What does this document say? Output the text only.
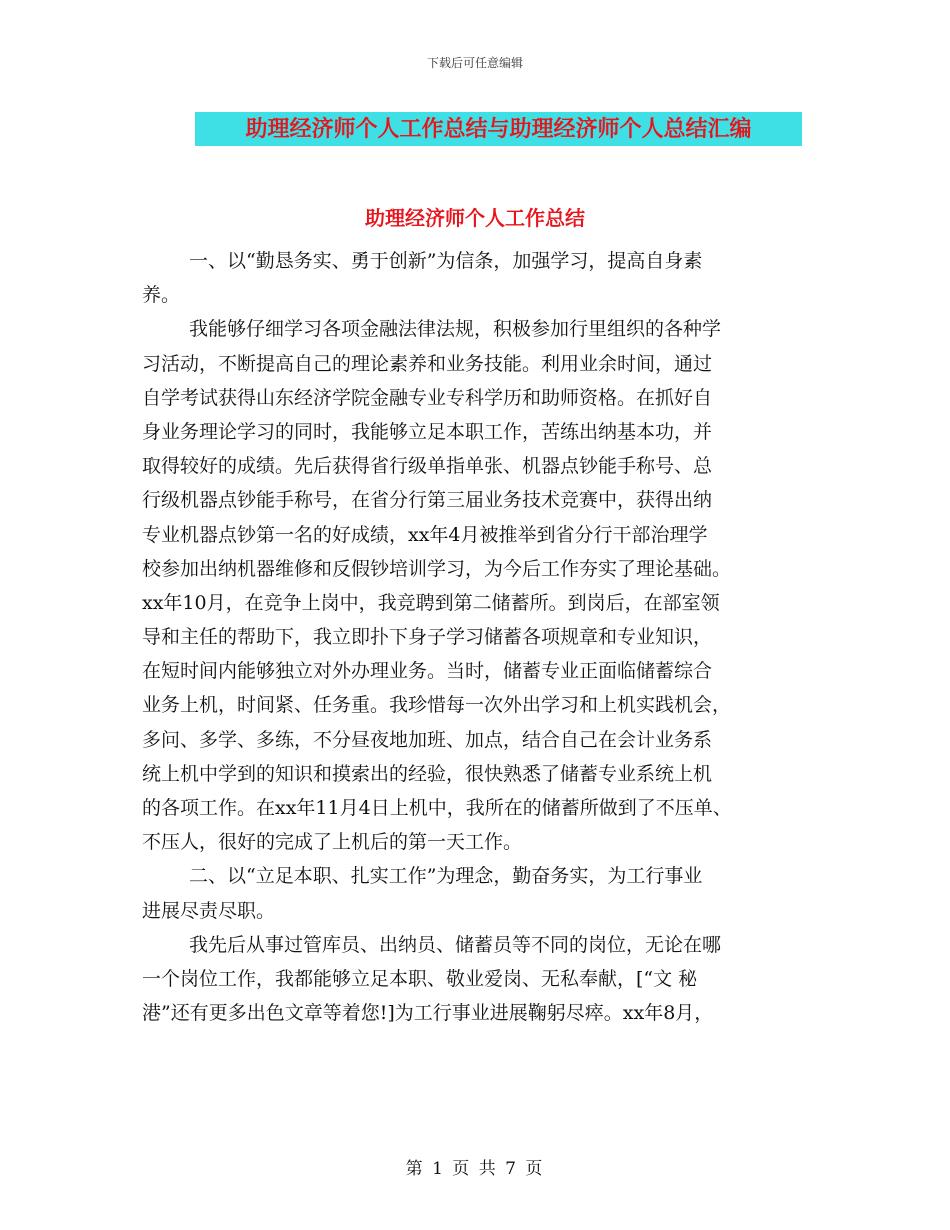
下载后可任意编辑
助理经济师个人工作总结与助理经济师个人总结汇编
助理经济师个人工作总结
一、以“勤恳务实、勇于创新”为信条，加强学习，提高自身素
养。
我能够仔细学习各项金融法律法规，积极参加行里组织的各种学
习活动，不断提高自己的理论素养和业务技能。利用业余时间，通过
自学考试获得山东经济学院金融专业专科学历和助师资格。在抓好自
身业务理论学习的同时，我能够立足本职工作，苦练出纳基本功，并
取得较好的成绩。先后获得省行级单指单张、机器点钞能手称号、总
行级机器点钞能手称号，在省分行第三届业务技术竞赛中，获得出纳
专业机器点钞第一名的好成绩，xx年4月被推举到省分行干部治理学
校参加出纳机器维修和反假钞培训学习，为今后工作夯实了理论基础。
xx年10月，在竞争上岗中，我竞聘到第二储蓄所。到岗后，在部室领
导和主任的帮助下，我立即扑下身子学习储蓄各项规章和专业知识，
在短时间内能够独立对外办理业务。当时，储蓄专业正面临储蓄综合
业务上机，时间紧、任务重。我珍惜每一次外出学习和上机实践机会，
多问、多学、多练，不分昼夜地加班、加点，结合自己在会计业务系
统上机中学到的知识和摸索出的经验，很快熟悉了储蓄专业系统上机
的各项工作。在xx年11月4日上机中，我所在的储蓄所做到了不压单、
不压人，很好的完成了上机后的第一天工作。
二、以“立足本职、扎实工作”为理念，勤奋务实，为工行事业
进展尽责尽职。
我先后从事过管库员、出纳员、储蓄员等不同的岗位，无论在哪
一个岗位工作，我都能够立足本职、敬业爱岗、无私奉献，[“文 秘
港”还有更多出色文章等着您!]为工行事业进展鞠躬尽瘁。xx年8月，
第 1 页 共 7 页
